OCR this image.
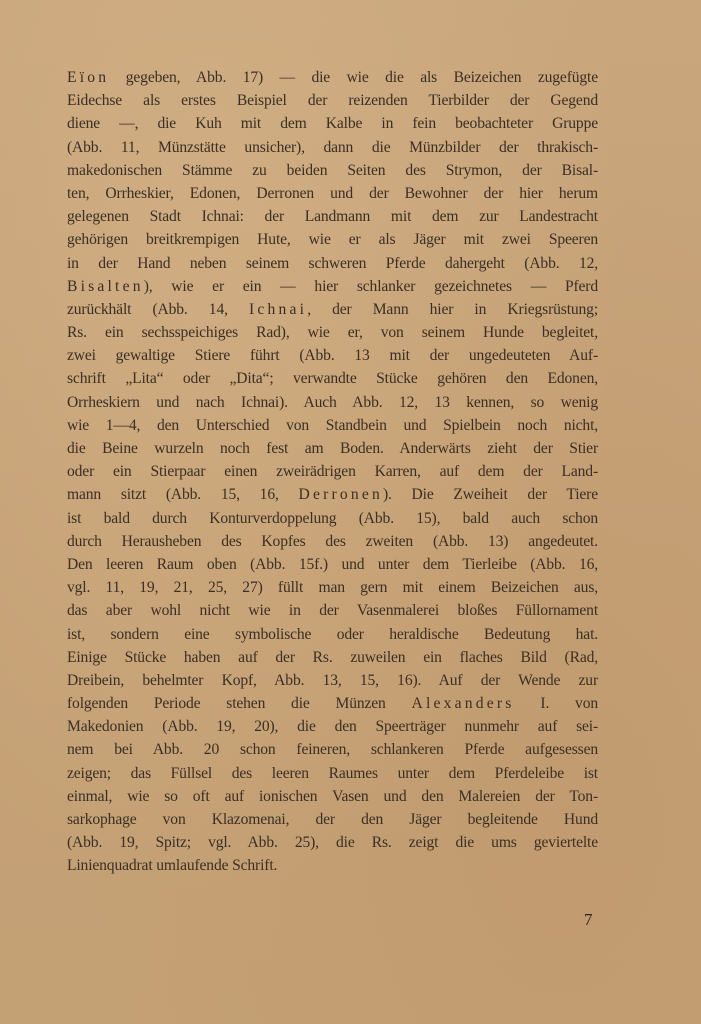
Eïon gegeben, Abb. 17) — die wie die als Beizeichen zugefügte
Eidechse als erstes Beispiel der reizenden Tierbilder der Gegend
diene —, die Kuh mit dem Kalbe in fein beobachteter Gruppe
(Abb. 11, Münzstätte unsicher), dann die Münzbilder der thrakisch-
makedonischen Stämme zu beiden Seiten des Strymon, der Bisal-
ten, Orrheskier, Edonen, Derronen und der Bewohner der hier herum
gelegenen Stadt Ichnai: der Landmann mit dem zur Landestracht
gehörigen breitkrempigen Hute, wie er als Jäger mit zwei Speeren
in der Hand neben seinem schweren Pferde dahergeht (Abb. 12,
Bisalten), wie er ein — hier schlanker gezeichnetes — Pferd
zurückhält (Abb. 14, Ichnai, der Mann hier in Kriegsrüstung;
Rs. ein sechsspeichiges Rad), wie er, von seinem Hunde begleitet,
zwei gewaltige Stiere führt (Abb. 13 mit der ungedeuteten Auf-
schrift „Lita“ oder „Dita“; verwandte Stücke gehören den Edonen,
Orrheskiern und nach Ichnai). Auch Abb. 12, 13 kennen, so wenig
wie 1—4, den Unterschied von Standbein und Spielbein noch nicht,
die Beine wurzeln noch fest am Boden. Anderwärts zieht der Stier
oder ein Stierpaar einen zweirädrigen Karren, auf dem der Land-
mann sitzt (Abb. 15, 16, Derronen). Die Zweiheit der Tiere
ist bald durch Konturverdoppelung (Abb. 15), bald auch schon
durch Herausheben des Kopfes des zweiten (Abb. 13) angedeutet.
Den leeren Raum oben (Abb. 15f.) und unter dem Tierleibe (Abb. 16,
vgl. 11, 19, 21, 25, 27) füllt man gern mit einem Beizeichen aus,
das aber wohl nicht wie in der Vasenmalerei bloßes Füllornament
ist, sondern eine symbolische oder heraldische Bedeutung hat.
Einige Stücke haben auf der Rs. zuweilen ein flaches Bild (Rad,
Dreibein, behelmter Kopf, Abb. 13, 15, 16). Auf der Wende zur
folgenden Periode stehen die Münzen Alexanders I. von
Makedonien (Abb. 19, 20), die den Speerträger nunmehr auf sei-
nem bei Abb. 20 schon feineren, schlankeren Pferde aufgesessen
zeigen; das Füllsel des leeren Raumes unter dem Pferdeleibe ist
einmal, wie so oft auf ionischen Vasen und den Malereien der Ton-
sarkophage von Klazomenai, der den Jäger begleitende Hund
(Abb. 19, Spitz; vgl. Abb. 25), die Rs. zeigt die ums geviertelte
Linienquadrat umlaufende Schrift.
7
